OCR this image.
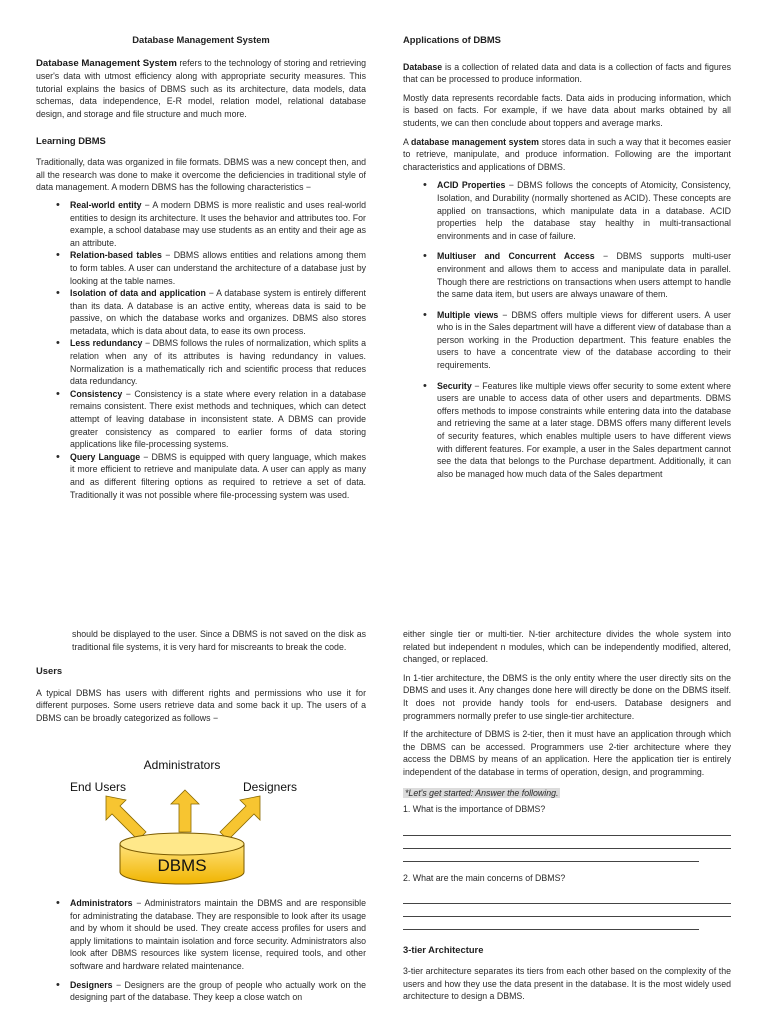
Database Management System

Database Management System refers to the technology of storing and retrieving user's data with utmost efficiency along with appropriate security measures. This tutorial explains the basics of DBMS such as its architecture, data models, data schemas, data independence, E-R model, relation model, relational database design, and storage and file structure and much more.

Learning DBMS

Traditionally, data was organized in file formats. DBMS was a new concept then, and all the research was done to make it overcome the deficiencies in traditional style of data management. A modern DBMS has the following characteristics −

• Real-world entity − A modern DBMS is more realistic and uses real-world entities to design its architecture. It uses the behavior and attributes too. For example, a school database may use students as an entity and their age as an attribute.
• Relation-based tables − DBMS allows entities and relations among them to form tables. A user can understand the architecture of a database just by looking at the table names.
• Isolation of data and application − A database system is entirely different than its data. A database is an active entity, whereas data is said to be passive, on which the database works and organizes. DBMS also stores metadata, which is data about data, to ease its own process.
• Less redundancy − DBMS follows the rules of normalization, which splits a relation when any of its attributes is having redundancy in values. Normalization is a mathematically rich and scientific process that reduces data redundancy.
• Consistency − Consistency is a state where every relation in a database remains consistent. There exist methods and techniques, which can detect attempt of leaving database in inconsistent state. A DBMS can provide greater consistency as compared to earlier forms of data storing applications like file-processing systems.
• Query Language − DBMS is equipped with query language, which makes it more efficient to retrieve and manipulate data. A user can apply as many and as different filtering options as required to retrieve a set of data. Traditionally it was not possible where file-processing system was used.
Applications of DBMS

Database is a collection of related data and data is a collection of facts and figures that can be processed to produce information.

Mostly data represents recordable facts. Data aids in producing information, which is based on facts. For example, if we have data about marks obtained by all students, we can then conclude about toppers and average marks.

A database management system stores data in such a way that it becomes easier to retrieve, manipulate, and produce information. Following are the important characteristics and applications of DBMS.

• ACID Properties − DBMS follows the concepts of Atomicity, Consistency, Isolation, and Durability (normally shortened as ACID). These concepts are applied on transactions, which manipulate data in a database. ACID properties help the database stay healthy in multi-transactional environments and in case of failure.
• Multiuser and Concurrent Access − DBMS supports multi-user environment and allows them to access and manipulate data in parallel. Though there are restrictions on transactions when users attempt to handle the same data item, but users are always unaware of them.
• Multiple views − DBMS offers multiple views for different users. A user who is in the Sales department will have a different view of database than a person working in the Production department. This feature enables the users to have a concentrate view of the database according to their requirements.
• Security − Features like multiple views offer security to some extent where users are unable to access data of other users and departments. DBMS offers methods to impose constraints while entering data into the database and retrieving the same at a later stage. DBMS offers many different levels of security features, which enables multiple users to have different views with different features. For example, a user in the Sales department cannot see the data that belongs to the Purchase department. Additionally, it can also be managed how much data of the Sales department

should be displayed to the user. Since a DBMS is not saved on the disk as traditional file systems, it is very hard for miscreants to break the code.

Users

A typical DBMS has users with different rights and permissions who use it for different purposes. Some users retrieve data and some back it up. The users of a DBMS can be broadly categorized as follows −

Administrators
End Users	Designers
DBMS
• Administrators − Administrators maintain the DBMS and are responsible for administrating the database. They are responsible to look after its usage and by whom it should be used. They create access profiles for users and apply limitations to maintain isolation and force security. Administrators also look after DBMS resources like system license, required tools, and other software and hardware related maintenance.
• Designers − Designers are the group of people who actually work on the designing part of the database. They keep a close watch on

either single tier or multi-tier. N-tier architecture divides the whole system into related but independent n modules, which can be independently modified, altered, changed, or replaced.

In 1-tier architecture, the DBMS is the only entity where the user directly sits on the DBMS and uses it. Any changes done here will directly be done on the DBMS itself. It does not provide handy tools for end-users. Database designers and programmers normally prefer to use single-tier architecture.

If the architecture of DBMS is 2-tier, then it must have an application through which the DBMS can be accessed. Programmers use 2-tier architecture where they access the DBMS by means of an application. Here the application tier is entirely independent of the database in terms of operation, design, and programming.

*Let's get started: Answer the following.
1. What is the importance of DBMS?
2. What are the main concerns of DBMS?
3-tier Architecture

3-tier architecture separates its tiers from each other based on the complexity of the users and how they use the data present in the database. It is the most widely used architecture to design a DBMS.
